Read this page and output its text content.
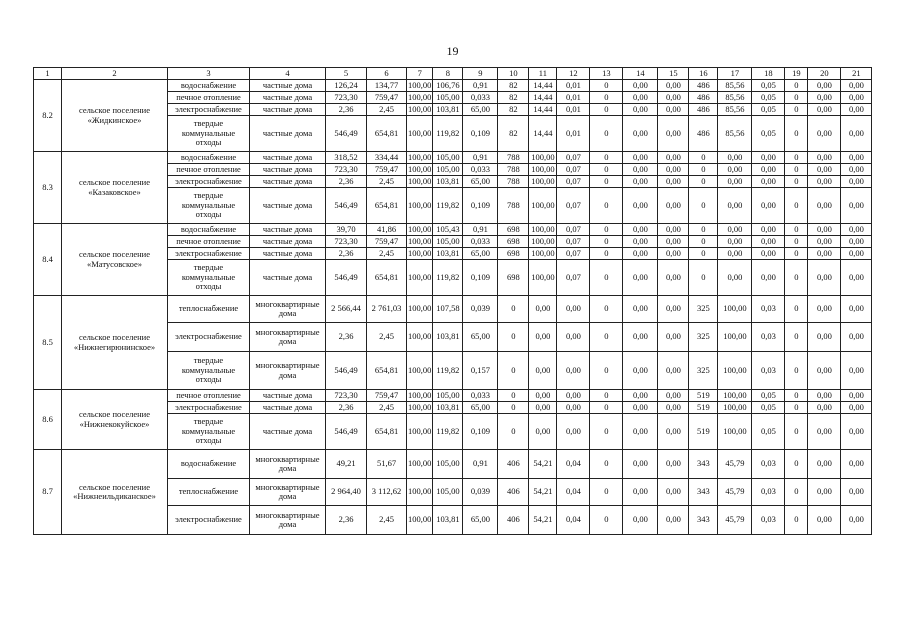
19
1	2	3	4	5	6	7	8	9	10	11	12	13	14	15	16	17	18	19	20	21
8.2	сельское поселение «Жидкинское»	водоснабжение	частные дома	126,24	134,77	100,00	106,76	0,91	82	14,44	0,01	0	0,00	0,00	486	85,56	0,05	0	0,00	0,00
		печное отопление	частные дома	723,30	759,47	100,00	105,00	0,033	82	14,44	0,01	0	0,00	0,00	486	85,56	0,05	0	0,00	0,00
		электроснабжение	частные дома	2,36	2,45	100,00	103,81	65,00	82	14,44	0,01	0	0,00	0,00	486	85,56	0,05	0	0,00	0,00
		твердые коммунальные отходы	частные дома	546,49	654,81	100,00	119,82	0,109	82	14,44	0,01	0	0,00	0,00	486	85,56	0,05	0	0,00	0,00
8.3	сельское поселение «Казаковское»	водоснабжение	частные дома	318,52	334,44	100,00	105,00	0,91	788	100,00	0,07	0	0,00	0,00	0	0,00	0,00	0	0,00	0,00
		печное отопление	частные дома	723,30	759,47	100,00	105,00	0,033	788	100,00	0,07	0	0,00	0,00	0	0,00	0,00	0	0,00	0,00
		электроснабжение	частные дома	2,36	2,45	100,00	103,81	65,00	788	100,00	0,07	0	0,00	0,00	0	0,00	0,00	0	0,00	0,00
		твердые коммунальные отходы	частные дома	546,49	654,81	100,00	119,82	0,109	788	100,00	0,07	0	0,00	0,00	0	0,00	0,00	0	0,00	0,00
8.4	сельское поселение «Матусовское»	водоснабжение	частные дома	39,70	41,86	100,00	105,43	0,91	698	100,00	0,07	0	0,00	0,00	0	0,00	0,00	0	0,00	0,00
		печное отопление	частные дома	723,30	759,47	100,00	105,00	0,033	698	100,00	0,07	0	0,00	0,00	0	0,00	0,00	0	0,00	0,00
		электроснабжение	частные дома	2,36	2,45	100,00	103,81	65,00	698	100,00	0,07	0	0,00	0,00	0	0,00	0,00	0	0,00	0,00
		твердые коммунальные отходы	частные дома	546,49	654,81	100,00	119,82	0,109	698	100,00	0,07	0	0,00	0,00	0	0,00	0,00	0	0,00	0,00
8.5	сельское поселение «Нижнегирюнинское»	теплоснабжение	многоквартирные дома	2 566,44	2 761,03	100,00	107,58	0,039	0	0,00	0,00	0	0,00	0,00	325	100,00	0,03	0	0,00	0,00
		электроснабжение	многоквартирные дома	2,36	2,45	100,00	103,81	65,00	0	0,00	0,00	0	0,00	0,00	325	100,00	0,03	0	0,00	0,00
		твердые коммунальные отходы	многоквартирные дома	546,49	654,81	100,00	119,82	0,157	0	0,00	0,00	0	0,00	0,00	325	100,00	0,03	0	0,00	0,00
8.6	сельское поселение «Нижнекокуйское»	печное отопление	частные дома	723,30	759,47	100,00	105,00	0,033	0	0,00	0,00	0	0,00	0,00	519	100,00	0,05	0	0,00	0,00
		электроснабжение	частные дома	2,36	2,45	100,00	103,81	65,00	0	0,00	0,00	0	0,00	0,00	519	100,00	0,05	0	0,00	0,00
		твердые коммунальные отходы	частные дома	546,49	654,81	100,00	119,82	0,109	0	0,00	0,00	0	0,00	0,00	519	100,00	0,05	0	0,00	0,00
8.7	сельское поселение «Нижнеильдиканское»	водоснабжение	многоквартирные дома	49,21	51,67	100,00	105,00	0,91	406	54,21	0,04	0	0,00	0,00	343	45,79	0,03	0	0,00	0,00
		теплоснабжение	многоквартирные дома	2 964,40	3 112,62	100,00	105,00	0,039	406	54,21	0,04	0	0,00	0,00	343	45,79	0,03	0	0,00	0,00
		электроснабжение	многоквартирные дома	2,36	2,45	100,00	103,81	65,00	406	54,21	0,04	0	0,00	0,00	343	45,79	0,03	0	0,00	0,00
